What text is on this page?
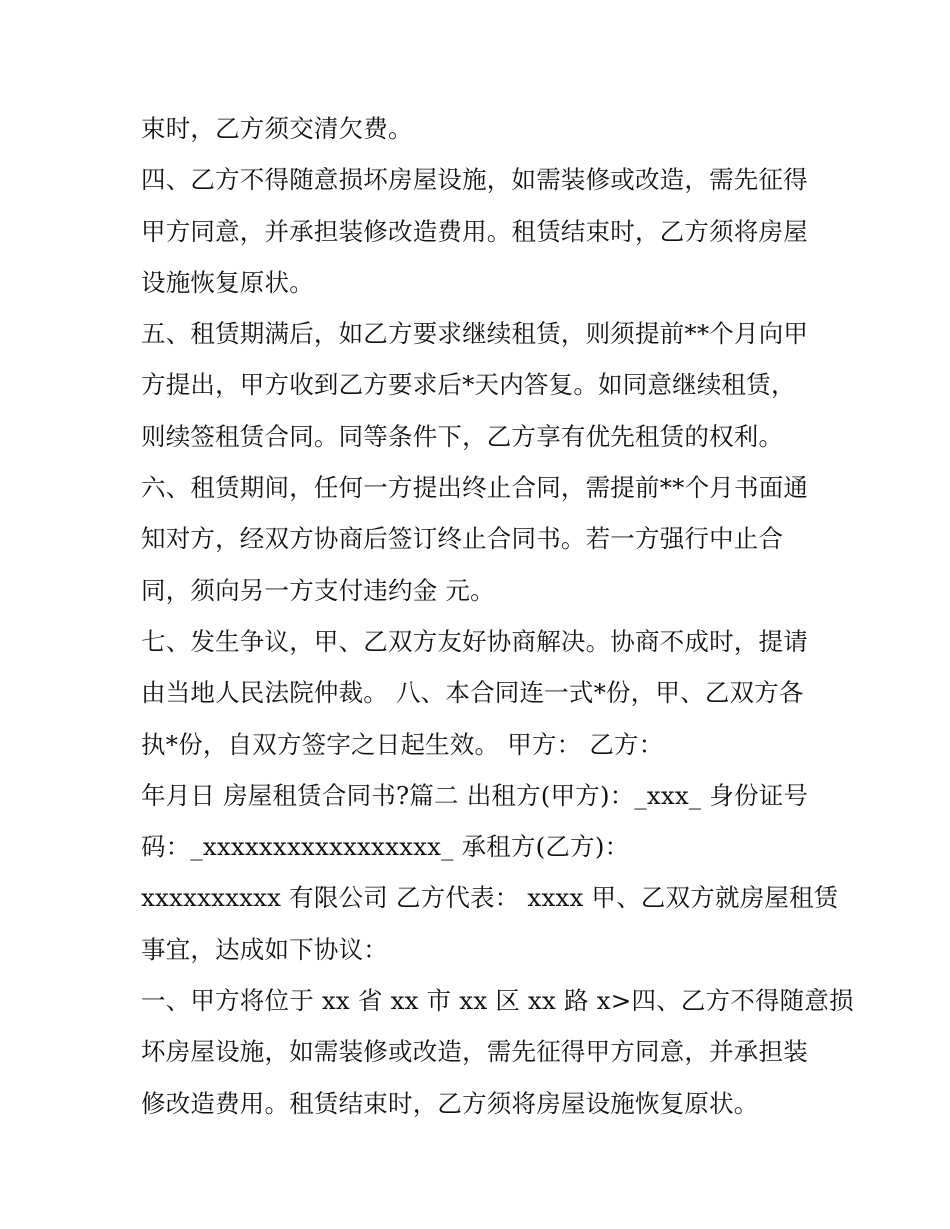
束时，乙方须交清欠费。
四、乙方不得随意损坏房屋设施，如需装修或改造，需先征得
甲方同意，并承担装修改造费用。租赁结束时，乙方须将房屋
设施恢复原状。
五、租赁期满后，如乙方要求继续租赁，则须提前**个月向甲
方提出，甲方收到乙方要求后*天内答复。如同意继续租赁，
则续签租赁合同。同等条件下，乙方享有优先租赁的权利。
六、租赁期间，任何一方提出终止合同，需提前**个月书面通
知对方，经双方协商后签订终止合同书。若一方强行中止合
同，须向另一方支付违约金 元。
七、发生争议，甲、乙双方友好协商解决。协商不成时，提请
由当地人民法院仲裁。 八、本合同连一式*份，甲、乙双方各
执*份，自双方签字之日起生效。 甲方： 乙方：
年月日 房屋租赁合同书?篇二 出租方(甲方)：_xxx_ 身份证号
码：_xxxxxxxxxxxxxxxxx_ 承租方(乙方)：
xxxxxxxxxx 有限公司 乙方代表： xxxx 甲、乙双方就房屋租赁
事宜，达成如下协议：
一、甲方将位于 xx 省 xx 市 xx 区 xx 路 x>四、乙方不得随意损
坏房屋设施，如需装修或改造，需先征得甲方同意，并承担装
修改造费用。租赁结束时，乙方须将房屋设施恢复原状。
